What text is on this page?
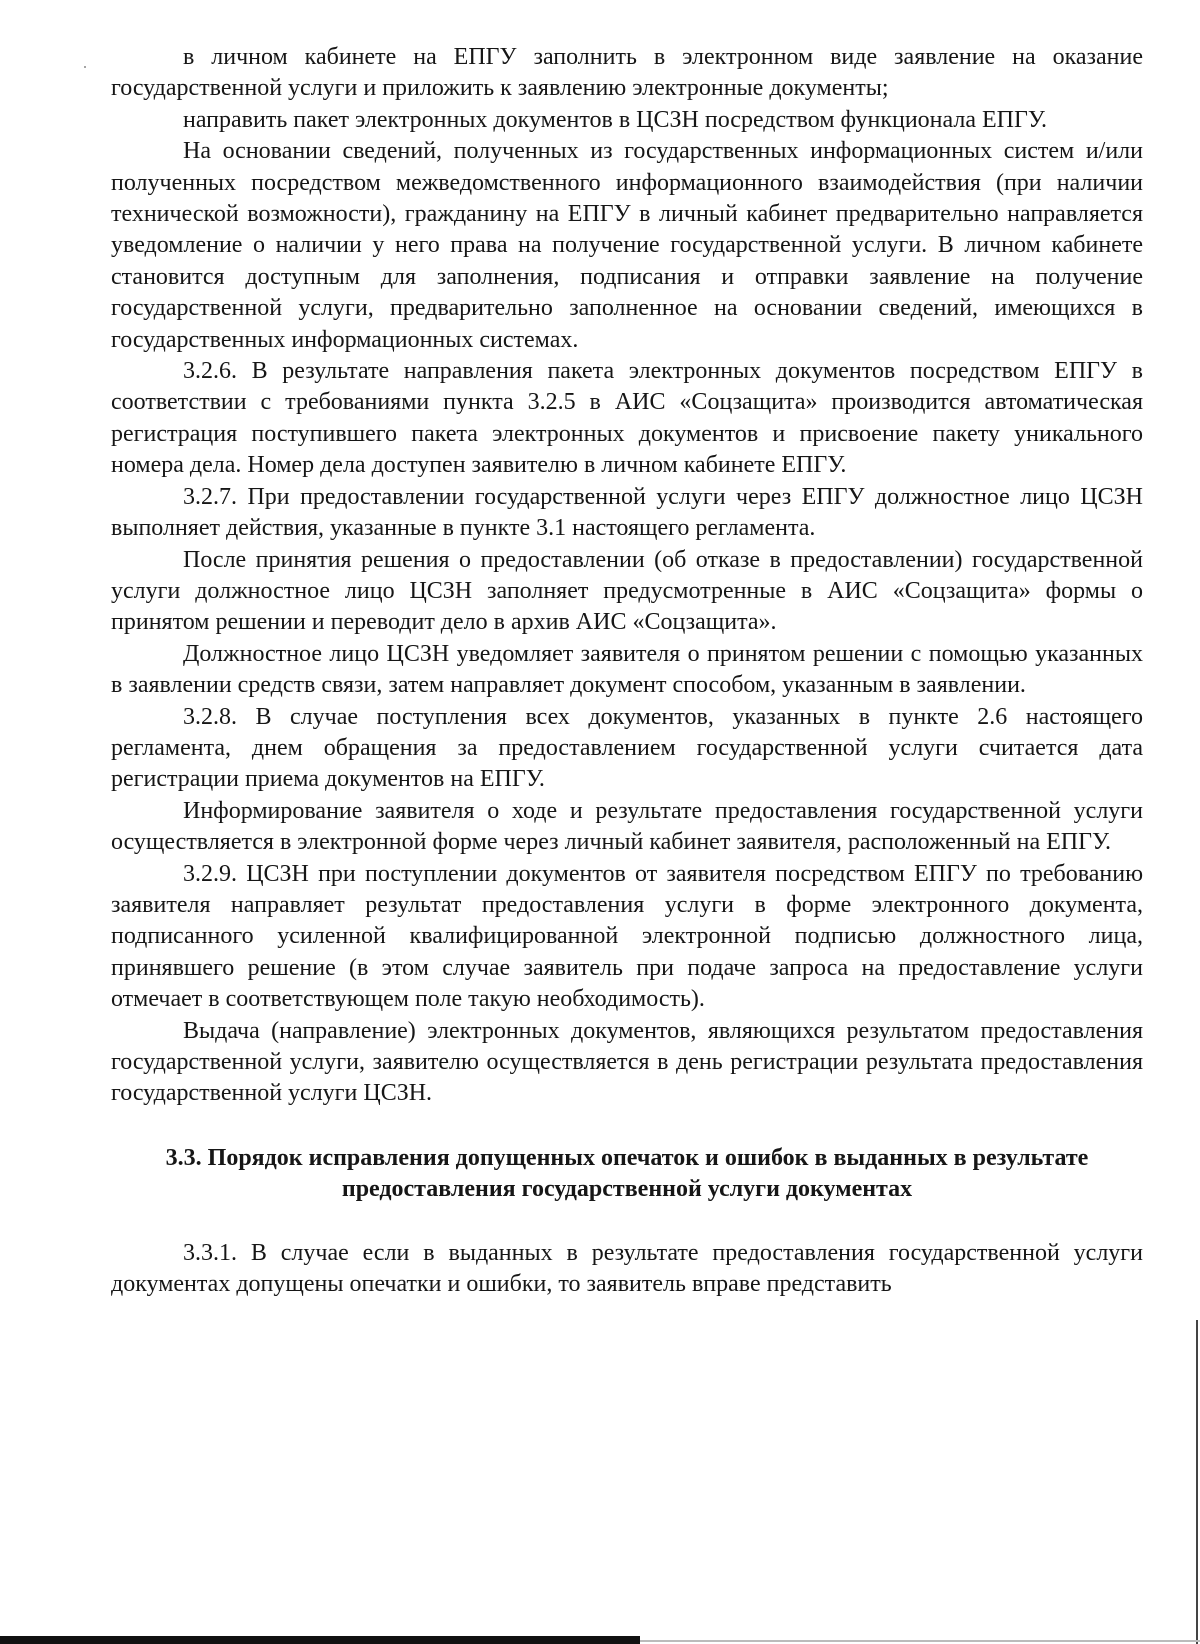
в личном кабинете на ЕПГУ заполнить в электронном виде заявление на оказание государственной услуги и приложить к заявлению электронные документы;

направить пакет электронных документов в ЦСЗН посредством функционала ЕПГУ.

На основании сведений, полученных из государственных информационных систем и/или полученных посредством межведомственного информационного взаимодействия (при наличии технической возможности), гражданину на ЕПГУ в личный кабинет предварительно направляется уведомление о наличии у него права на получение государственной услуги. В личном кабинете становится доступным для заполнения, подписания и отправки заявление на получение государственной услуги, предварительно заполненное на основании сведений, имеющихся в государственных информационных системах.

3.2.6. В результате направления пакета электронных документов посредством ЕПГУ в соответствии с требованиями пункта 3.2.5 в АИС «Соцзащита» производится автоматическая регистрация поступившего пакета электронных документов и присвоение пакету уникального номера дела. Номер дела доступен заявителю в личном кабинете ЕПГУ.

3.2.7. При предоставлении государственной услуги через ЕПГУ должностное лицо ЦСЗН выполняет действия, указанные в пункте 3.1 настоящего регламента.

После принятия решения о предоставлении (об отказе в предоставлении) государственной услуги должностное лицо ЦСЗН заполняет предусмотренные в АИС «Соцзащита» формы о принятом решении и переводит дело в архив АИС «Соцзащита».

Должностное лицо ЦСЗН уведомляет заявителя о принятом решении с помощью указанных в заявлении средств связи, затем направляет документ способом, указанным в заявлении.

3.2.8. В случае поступления всех документов, указанных в пункте 2.6 настоящего регламента, днем обращения за предоставлением государственной услуги считается дата регистрации приема документов на ЕПГУ.

Информирование заявителя о ходе и результате предоставления государственной услуги осуществляется в электронной форме через личный кабинет заявителя, расположенный на ЕПГУ.

3.2.9. ЦСЗН при поступлении документов от заявителя посредством ЕПГУ по требованию заявителя направляет результат предоставления услуги в форме электронного документа, подписанного усиленной квалифицированной электронной подписью должностного лица, принявшего решение (в этом случае заявитель при подаче запроса на предоставление услуги отмечает в соответствующем поле такую необходимость).

Выдача (направление) электронных документов, являющихся результатом предоставления государственной услуги, заявителю осуществляется в день регистрации результата предоставления государственной услуги ЦСЗН.

3.3. Порядок исправления допущенных опечаток и ошибок в выданных в результате предоставления государственной услуги документах

3.3.1. В случае если в выданных в результате предоставления государственной услуги документах допущены опечатки и ошибки, то заявитель вправе представить
